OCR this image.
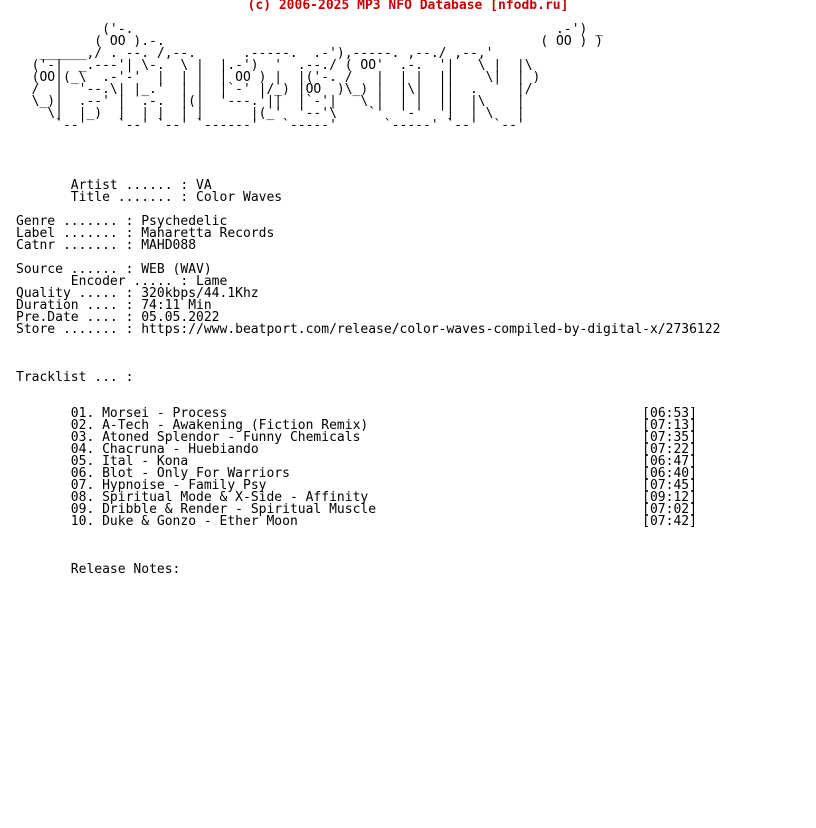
(c) 2006-2025 MP3 NFO Database [nfodb.ru]
('-.                                                      .-') _
( OO ).-.                                                ( OO ) )
______,/ . --. /,--.      .-----.  .-'),-----. ,--./ ,--,'
('-|  _.---'| \-.  \ |  |.-')  '  .--./ ( OO'  .-.  '|   \ |  |\
(OO|(_\  .-'-'  |  | |  | OO ) |  |('-. /   |  | |  ||    \|  | )
/  |  '--.\| |_.'  | |  |`-' |/_) |OO  )\_) |  |\|  ||  .     |/
\_)|  .--' |  .-.  |(|  '---.'||  |`-'|   \ |  | |  ||  |\    |
\|  |_)  |  | |  | |      |(_'  '--'\    `'  '-'  '|  | \   |
`--'    `--' `--' `------'   `-----'      `-----' `--'  `--'

Artist ...... : VA
Title ....... : Color Waves

Genre ....... : Psychedelic
Label ....... : Maharetta Records
Catnr ....... : MAHD088

Source ...... : WEB (WAV)
Encoder ..... : Lame
Quality ..... : 320kbps/44.1Khz
Duration .... : 74:11 Min
Pre.Date .... : 05.05.2022
Store ....... : https://www.beatport.com/release/color-waves-compiled-by-digital-x/2736122

Tracklist ... :

01. Morsei - Process	[06:53]
02. A-Tech - Awakening (Fiction Remix)	[07:13]
03. Atoned Splendor - Funny Chemicals	[07:35]
04. Chacruna - Huebiando	[07:22]
05. Ital - Kona	[06:47]
06. Blot - Only For Warriors	[06:40]
07. Hypnoise - Family Psy	[07:45]
08. Spiritual Mode & X-Side - Affinity	[09:12]
09. Dribble & Render - Spiritual Muscle	[07:02]
10. Duke & Gonzo - Ether Moon	[07:42]

Release Notes:
